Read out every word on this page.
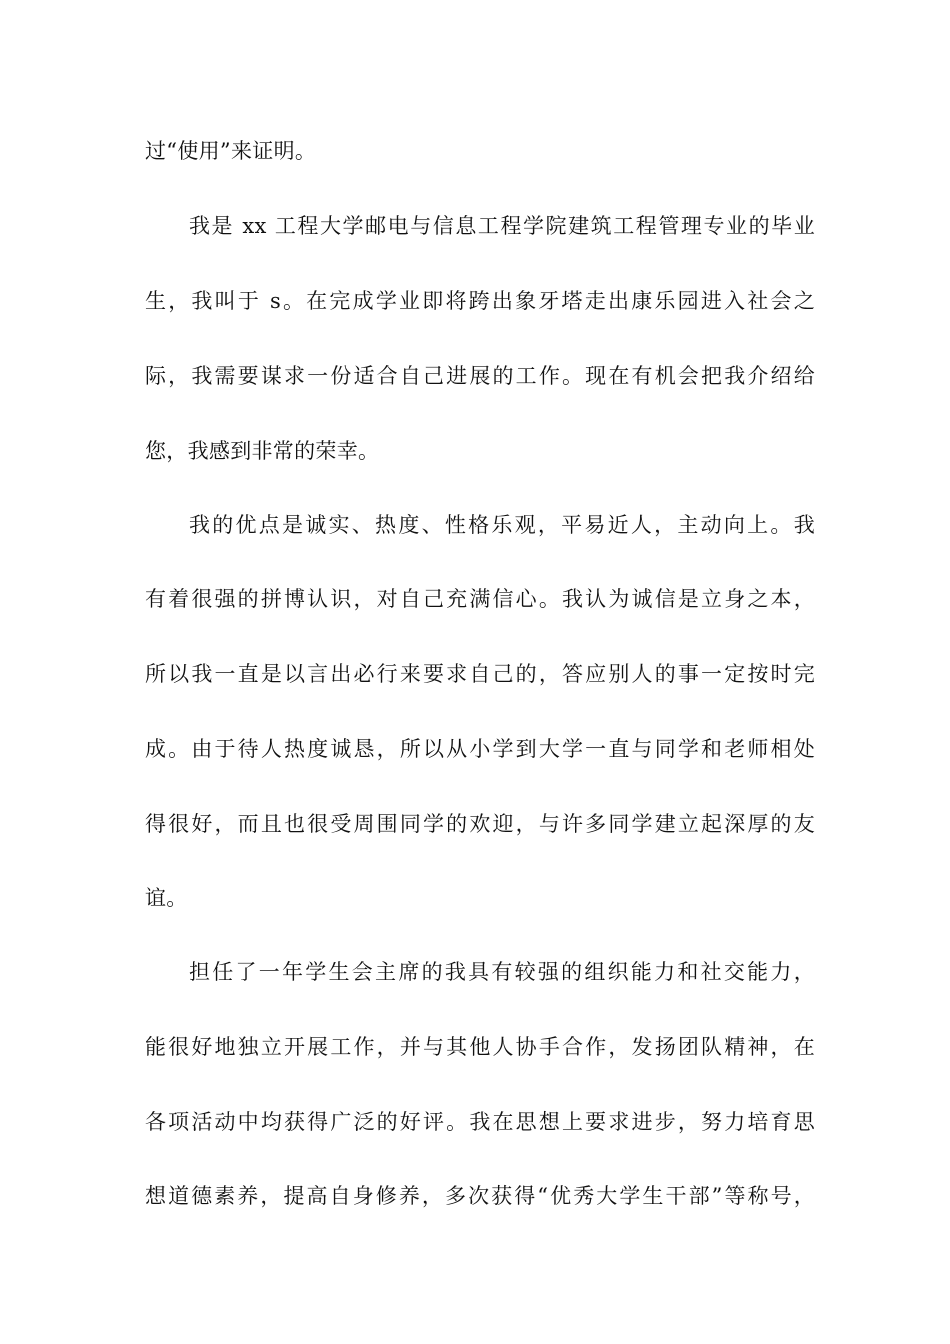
过“使用”来证明。
我是 xx 工程大学邮电与信息工程学院建筑工程管理专业的毕业
生，我叫于 s。在完成学业即将跨出象牙塔走出康乐园进入社会之
际，我需要谋求一份适合自己进展的工作。现在有机会把我介绍给
您，我感到非常的荣幸。
我的优点是诚实、热度、性格乐观，平易近人，主动向上。我
有着很强的拼博认识，对自己充满信心。我认为诚信是立身之本，
所以我一直是以言出必行来要求自己的，答应别人的事一定按时完
成。由于待人热度诚恳，所以从小学到大学一直与同学和老师相处
得很好，而且也很受周围同学的欢迎，与许多同学建立起深厚的友
谊。
担任了一年学生会主席的我具有较强的组织能力和社交能力，
能很好地独立开展工作，并与其他人协手合作，发扬团队精神，在
各项活动中均获得广泛的好评。我在思想上要求进步，努力培育思
想道德素养，提高自身修养，多次获得“优秀大学生干部”等称号，
